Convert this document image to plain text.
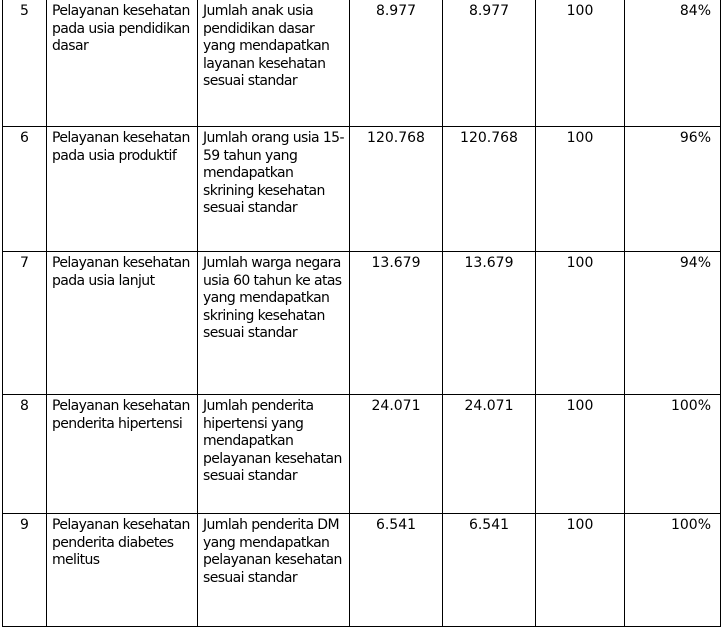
5	Pelayanan kesehatan pada usia pendidikan dasar	Jumlah anak usia pendidikan dasar yang mendapatkan layanan kesehatan sesuai standar	8.977	8.977	100	84%
6	Pelayanan kesehatan pada usia produktif	Jumlah orang usia 15-59 tahun yang mendapatkan skrining kesehatan sesuai standar	120.768	120.768	100	96%
7	Pelayanan kesehatan pada usia lanjut	Jumlah warga negara usia 60 tahun ke atas yang mendapatkan skrining kesehatan sesuai standar	13.679	13.679	100	94%
8	Pelayanan kesehatan penderita hipertensi	Jumlah penderita hipertensi yang mendapatkan pelayanan kesehatan sesuai standar	24.071	24.071	100	100%
9	Pelayanan kesehatan penderita diabetes melitus	Jumlah penderita DM yang mendapatkan pelayanan kesehatan sesuai standar	6.541	6.541	100	100%
